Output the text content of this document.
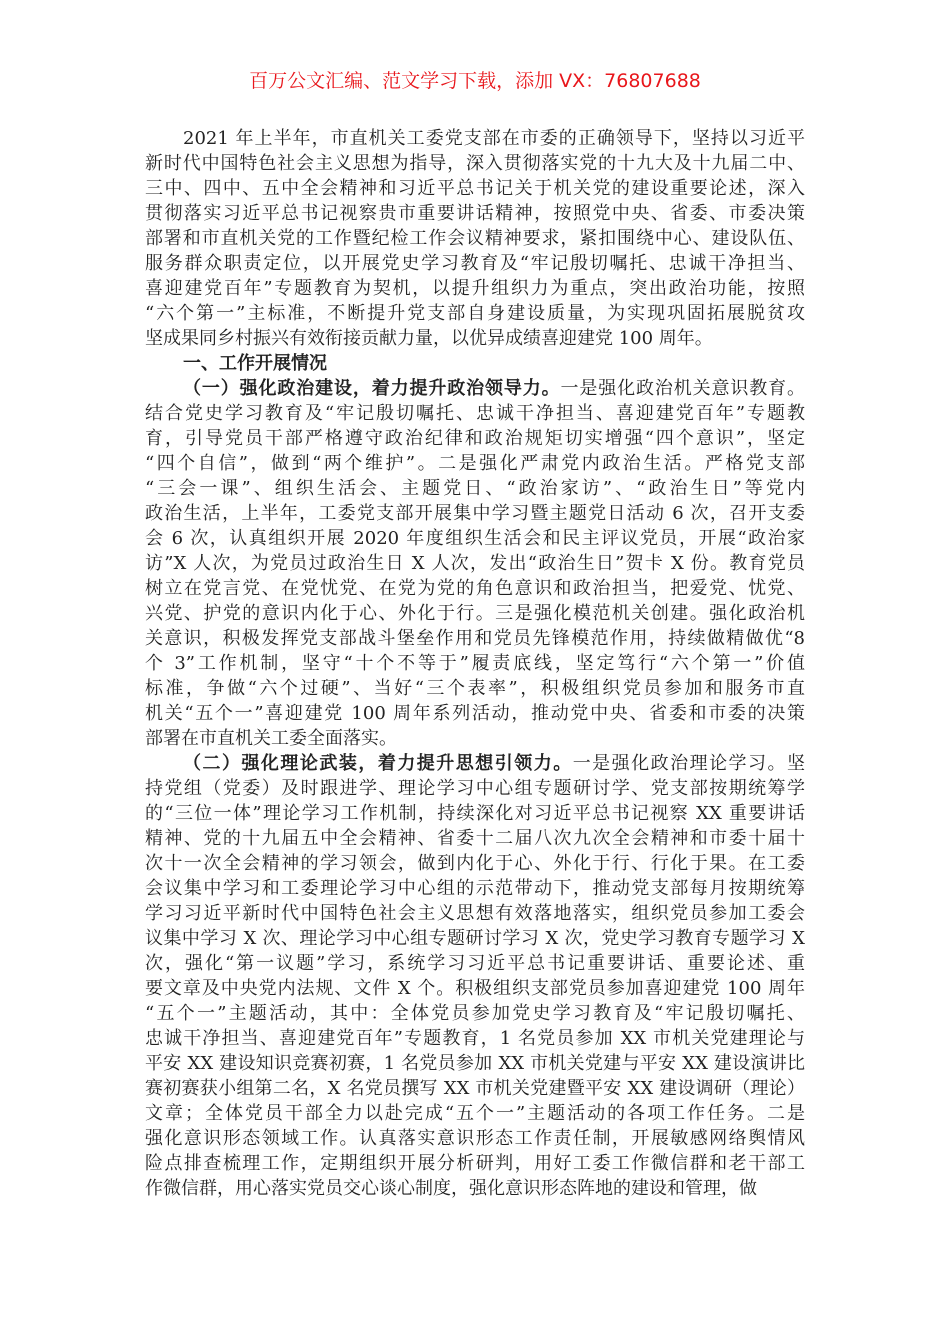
百万公文汇编、范文学习下载，添加 VX：76807688
2021 年上半年，市直机关工委党支部在市委的正确领导下，坚持以习近平
新时代中国特色社会主义思想为指导，深入贯彻落实党的十九大及十九届二中、
三中、四中、五中全会精神和习近平总书记关于机关党的建设重要论述，深入
贯彻落实习近平总书记视察贵市重要讲话精神，按照党中央、省委、市委决策
部署和市直机关党的工作暨纪检工作会议精神要求，紧扣围绕中心、建设队伍、
服务群众职责定位，以开展党史学习教育及“牢记殷切嘱托、忠诚干净担当、
喜迎建党百年”专题教育为契机，以提升组织力为重点，突出政治功能，按照
“六个第一”主标准，不断提升党支部自身建设质量，为实现巩固拓展脱贫攻
坚成果同乡村振兴有效衔接贡献力量，以优异成绩喜迎建党 100 周年。
一、工作开展情况
（一）强化政治建设，着力提升政治领导力。一是强化政治机关意识教育。
结合党史学习教育及“牢记殷切嘱托、忠诚干净担当、喜迎建党百年”专题教
育，引导党员干部严格遵守政治纪律和政治规矩切实增强“四个意识”，坚定
“四个自信”，做到“两个维护”。二是强化严肃党内政治生活。严格党支部
“三会一课”、组织生活会、主题党日、“政治家访”、“政治生日”等党内
政治生活，上半年，工委党支部开展集中学习暨主题党日活动 6 次，召开支委
会 6 次，认真组织开展 2020 年度组织生活会和民主评议党员，开展“政治家
访”X 人次，为党员过政治生日 X 人次，发出“政治生日”贺卡 X 份。教育党员
树立在党言党、在党忧党、在党为党的角色意识和政治担当，把爱党、忧党、
兴党、护党的意识内化于心、外化于行。三是强化模范机关创建。强化政治机
关意识，积极发挥党支部战斗堡垒作用和党员先锋模范作用，持续做精做优“8
个 3”工作机制，坚守“十个不等于”履责底线，坚定笃行“六个第一”价值
标准，争做“六个过硬”、当好“三个表率”，积极组织党员参加和服务市直
机关“五个一”喜迎建党 100 周年系列活动，推动党中央、省委和市委的决策
部署在市直机关工委全面落实。
（二）强化理论武装，着力提升思想引领力。一是强化政治理论学习。坚
持党组（党委）及时跟进学、理论学习中心组专题研讨学、党支部按期统筹学
的“三位一体”理论学习工作机制，持续深化对习近平总书记视察 XX 重要讲话
精神、党的十九届五中全会精神、省委十二届八次九次全会精神和市委十届十
次十一次全会精神的学习领会，做到内化于心、外化于行、行化于果。在工委
会议集中学习和工委理论学习中心组的示范带动下，推动党支部每月按期统筹
学习习近平新时代中国特色社会主义思想有效落地落实，组织党员参加工委会
议集中学习 X 次、理论学习中心组专题研讨学习 X 次，党史学习教育专题学习 X
次，强化“第一议题”学习，系统学习习近平总书记重要讲话、重要论述、重
要文章及中央党内法规、文件 X 个。积极组织支部党员参加喜迎建党 100 周年
“五个一”主题活动，其中：全体党员参加党史学习教育及“牢记殷切嘱托、
忠诚干净担当、喜迎建党百年”专题教育，1 名党员参加 XX 市机关党建理论与
平安 XX 建设知识竞赛初赛，1 名党员参加 XX 市机关党建与平安 XX 建设演讲比
赛初赛获小组第二名，X 名党员撰写 XX 市机关党建暨平安 XX 建设调研（理论）
文章；全体党员干部全力以赴完成“五个一”主题活动的各项工作任务。二是
强化意识形态领域工作。认真落实意识形态工作责任制，开展敏感网络舆情风
险点排查梳理工作，定期组织开展分析研判，用好工委工作微信群和老干部工
作微信群，用心落实党员交心谈心制度，强化意识形态阵地的建设和管理，做
